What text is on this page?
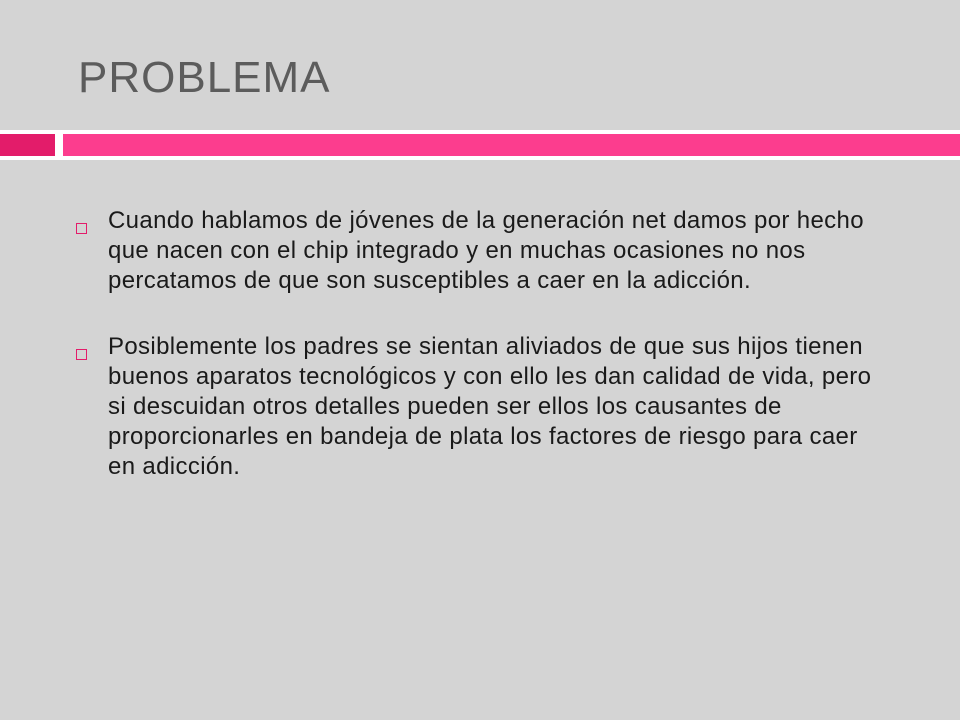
PROBLEMA
Cuando hablamos de jóvenes de la generación net damos por hecho que nacen con el chip integrado y en muchas ocasiones no nos percatamos de que son susceptibles a caer en la adicción.
Posiblemente los padres se sientan aliviados de que sus hijos tienen buenos aparatos tecnológicos y con ello les dan calidad de vida, pero si descuidan otros detalles pueden ser ellos los causantes de proporcionarles en bandeja de plata los factores de riesgo para caer en adicción.
